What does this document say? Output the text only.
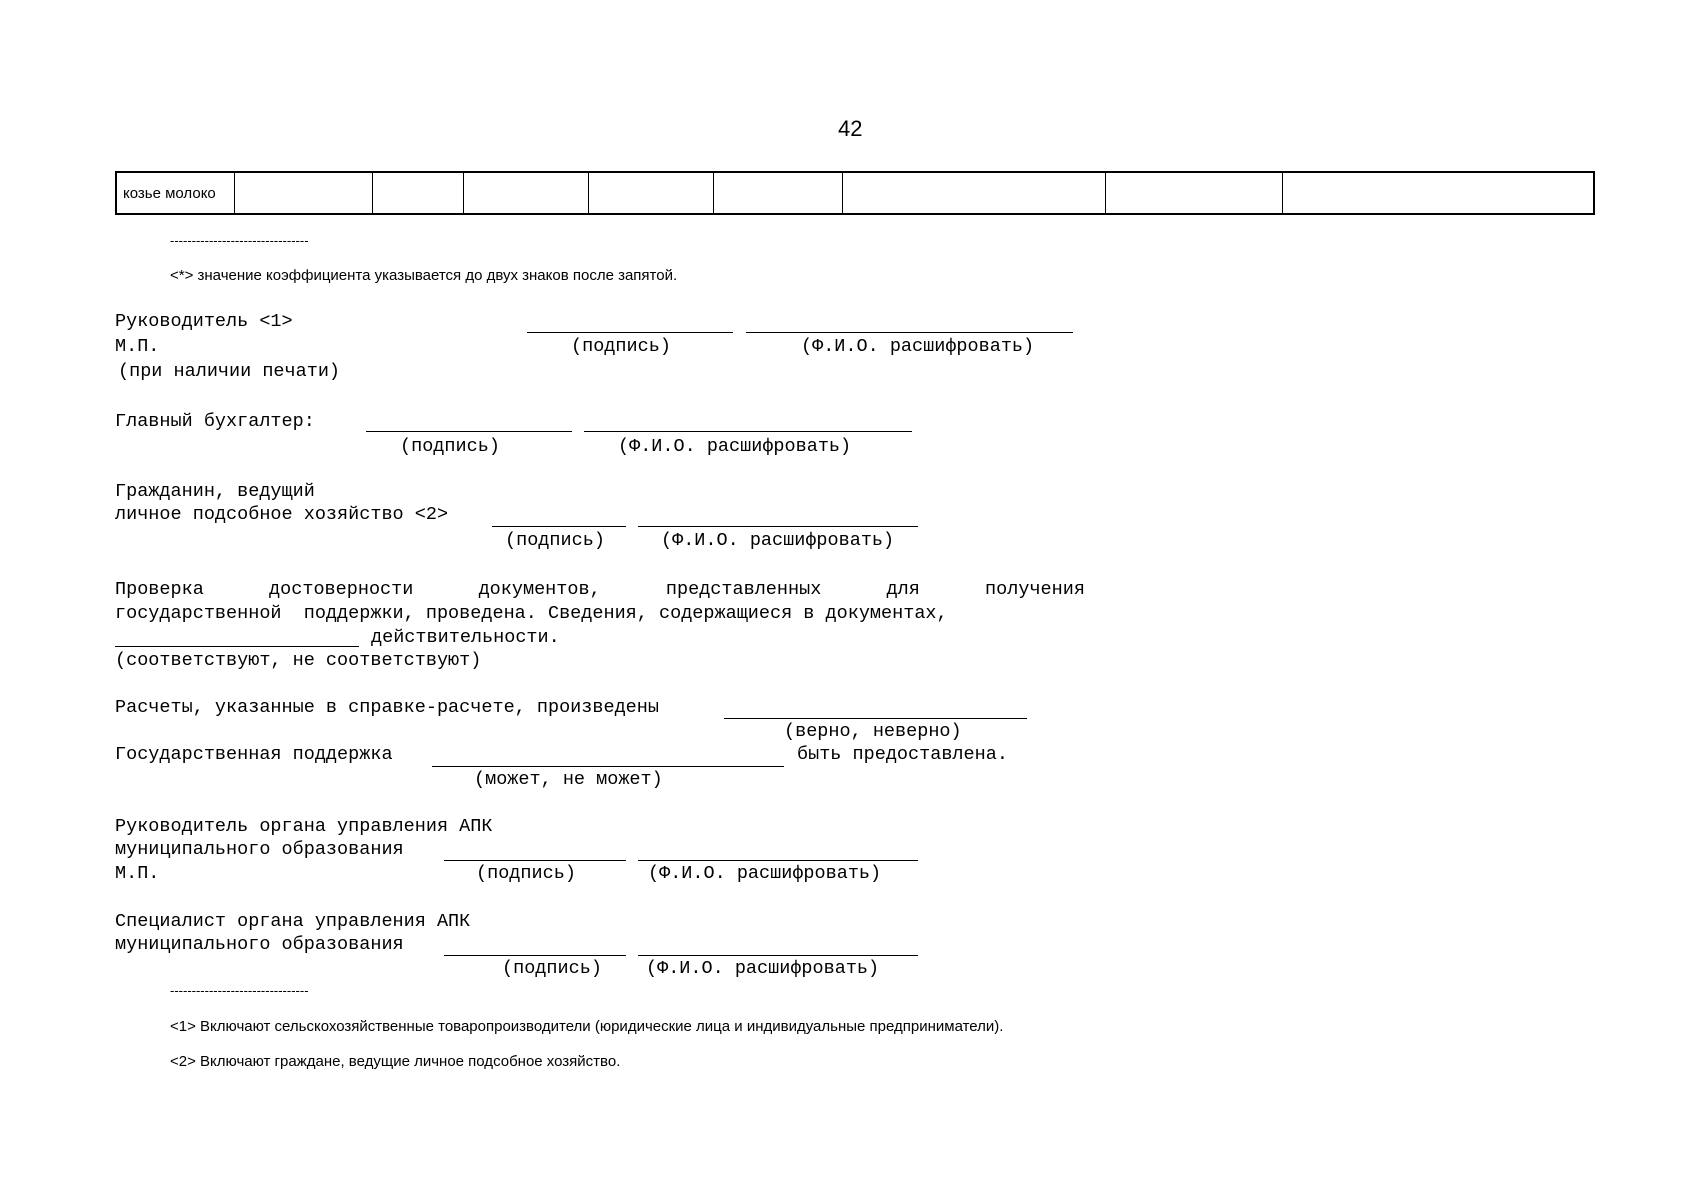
42
козье молоко								
--------------------------------
<*> значение коэффициента указывается до двух знаков после запятой.
Руководитель <1>
М.П.	(подпись)	(Ф.И.О. расшифровать)
(при наличии печати)
Главный бухгалтер:
(подпись)	(Ф.И.О. расшифровать)
Гражданин, ведущий
личное подсобное хозяйство <2>
(подпись)	(Ф.И.О. расшифровать)
Проверка	достоверности	документов,	представленных	для	получения
государственной  поддержки, проведена. Сведения, содержащиеся в документах,
действительности.
(соответствуют, не соответствуют)
Расчеты, указанные в справке-расчете, произведены
(верно, неверно)
Государственная поддержка	быть предоставлена.
(может, не может)
Руководитель органа управления АПК
муниципального образования
М.П.	(подпись)	(Ф.И.О. расшифровать)
Специалист органа управления АПК
муниципального образования
(подпись) (Ф.И.О. расшифровать)
--------------------------------
<1> Включают сельскохозяйственные товаропроизводители (юридические лица и индивидуальные предприниматели).
<2> Включают граждане, ведущие личное подсобное хозяйство.
